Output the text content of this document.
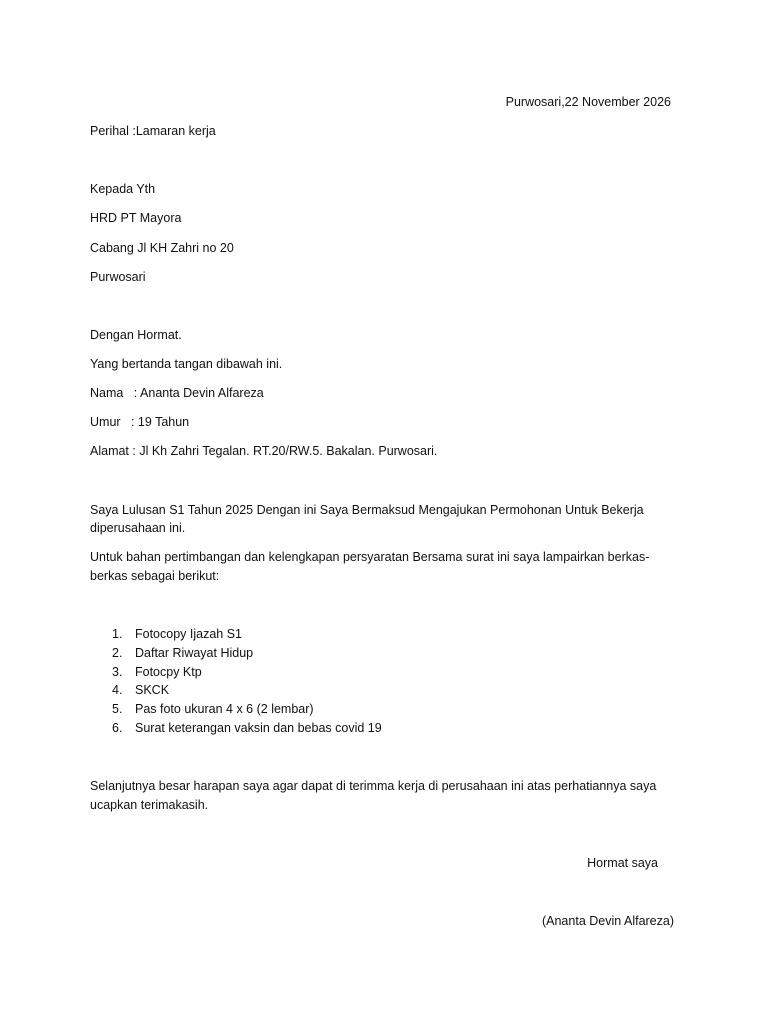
Purwosari,22 November 2026
Perihal :Lamaran kerja
Kepada Yth
HRD PT Mayora
Cabang Jl KH Zahri no 20
Purwosari
Dengan Hormat.
Yang bertanda tangan dibawah ini.
Nama   : Ananta Devin Alfareza
Umur   : 19 Tahun
Alamat : Jl Kh Zahri Tegalan. RT.20/RW.5. Bakalan. Purwosari.
Saya Lulusan S1 Tahun 2025 Dengan ini Saya Bermaksud Mengajukan Permohonan Untuk Bekerja
diperusahaan ini.
Untuk bahan pertimbangan dan kelengkapan persyaratan Bersama surat ini saya lampairkan berkas-
berkas sebagai berikut:
1.	Fotocopy Ijazah S1
2.	Daftar Riwayat Hidup
3.	Fotocpy Ktp
4.	SKCK
5.	Pas foto ukuran 4 x 6 (2 lembar)
6.	Surat keterangan vaksin dan bebas covid 19
Selanjutnya besar harapan saya agar dapat di terimma kerja di perusahaan ini atas perhatiannya saya
ucapkan terimakasih.
Hormat saya
(Ananta Devin Alfareza)
